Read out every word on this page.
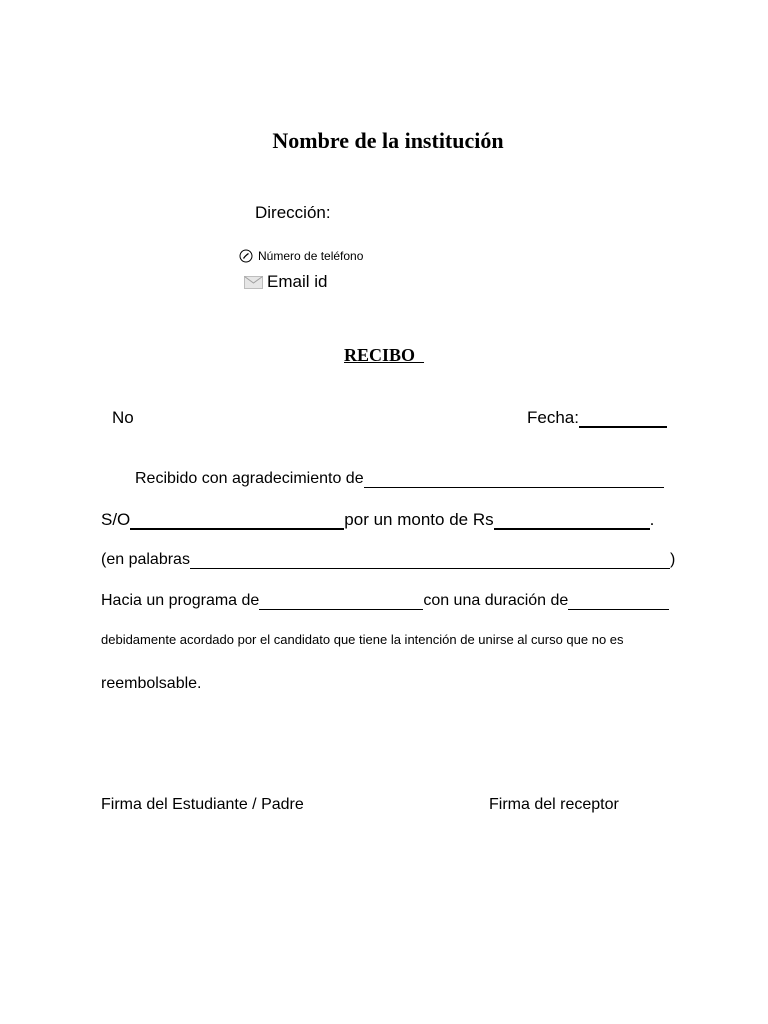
Nombre de la institución
Dirección:
Número de teléfono
Email id
RECIBO
No	Fecha:
Recibido con agradecimiento de
S/O	por un monto de Rs	.
(en palabras	)
Hacia un programa de	con una duración de
debidamente acordado por el candidato que tiene la intención de unirse al curso que no es
reembolsable.
Firma del Estudiante / Padre	Firma del receptor
